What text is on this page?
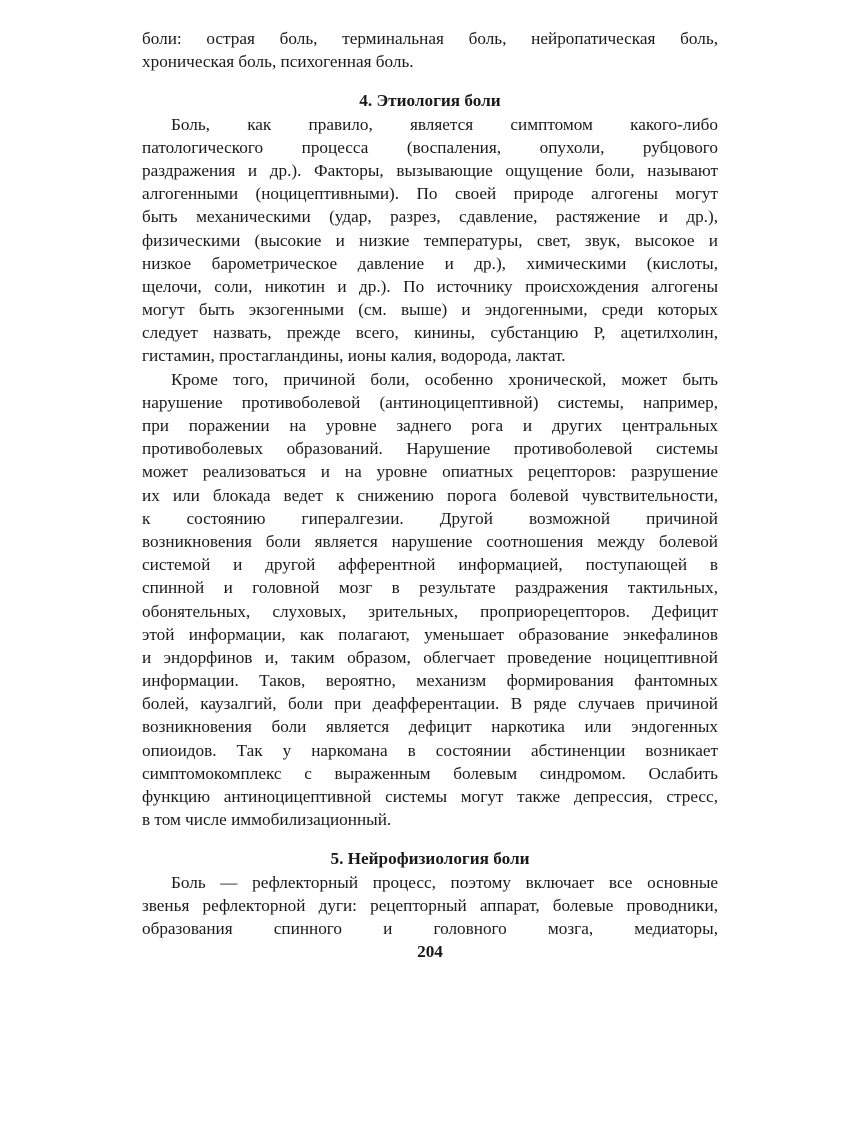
боли: острая боль, терминальная боль, нейропатическая боль,
хроническая боль, психогенная боль.
4. Этиология боли
Боль, как правило, является симптомом какого-либо
патологического процесса (воспаления, опухоли, рубцового
раздражения и др.). Факторы, вызывающие ощущение боли, называют
алгогенными (ноцицептивными). По своей природе алгогены могут
быть механическими (удар, разрез, сдавление, растяжение и др.),
физическими (высокие и низкие температуры, свет, звук, высокое и
низкое барометрическое давление и др.), химическими (кислоты,
щелочи, соли, никотин и др.). По источнику происхождения алгогены
могут быть экзогенными (см. выше) и эндогенными, среди которых
следует назвать, прежде всего, кинины, субстанцию Р, ацетилхолин,
гистамин, простагландины, ионы калия, водорода, лактат.
Кроме того, причиной боли, особенно хронической, может быть
нарушение противоболевой (антиноцицептивной) системы, например,
при поражении на уровне заднего рога и других центральных
противоболевых образований. Нарушение противоболевой системы
может реализоваться и на уровне опиатных рецепторов: разрушение
их или блокада ведет к снижению порога болевой чувствительности,
к состоянию гипералгезии. Другой возможной причиной
возникновения боли является нарушение соотношения между болевой
системой и другой афферентной информацией, поступающей в
спинной и головной мозг в результате раздражения тактильных,
обонятельных, слуховых, зрительных, проприорецепторов. Дефицит
этой информации, как полагают, уменьшает образование энкефалинов
и эндорфинов и, таким образом, облегчает проведение ноцицептивной
информации. Таков, вероятно, механизм формирования фантомных
болей, каузалгий, боли при деафферентации. В ряде случаев причиной
возникновения боли является дефицит наркотика или эндогенных
опиоидов. Так у наркомана в состоянии абстиненции возникает
симптомокомплекс с выраженным болевым синдромом. Ослабить
функцию антиноцицептивной системы могут также депрессия, стресс,
в том числе иммобилизационный.
5. Нейрофизиология боли
Боль — рефлекторный процесс, поэтому включает все основные
звенья рефлекторной дуги: рецепторный аппарат, болевые проводники,
образования спинного и головного мозга, медиаторы,
204
